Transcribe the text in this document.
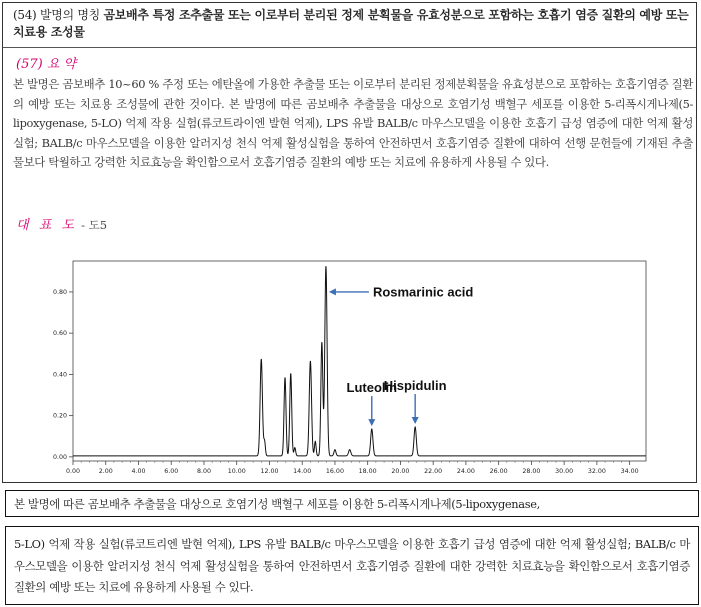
(54) 발명의 명칭 곰보배추 특정 조추출물 또는 이로부터 분리된 정제 분획물을 유효성분으로 포함하는 호흡기 염증 질환의 예방 또는 치료용 조성물
(57) 요 약
본 발명은 곰보배추 10~60 % 주정 또는 에탄올에 가용한 추출물 또는 이로부터 분리된 정제분획물을 유효성분으로 포함하는 호흡기염증 질환의 예방 또는 치료용 조성물에 관한 것이다. 본 발명에 따른 곰보배추 추출물을 대상으로 호염기성 백혈구 세포를 이용한 5-리폭시게나제(5-lipoxygenase, 5-LO) 억제 작용 실험(류코트라이엔 발현 억제), LPS 유발 BALB/c 마우스모델을 이용한 호흡기 급성 염증에 대한 억제 활성실험; BALB/c 마우스모델을 이용한 알러지성 천식 억제 활성실험을 통하여 안전하면서 호흡기염증 질환에 대하여 선행 문헌들에 기재된 추출물보다 탁월하고 강력한 치료효능을 확인함으로서 호흡기염증 질환의 예방 또는 치료에 유용하게 사용될 수 있다.
대 표 도 - 도5
0.00
0.20
0.40
0.60
0.80
0.00	2.00	4.00	6.00	8.00	10.00 12.00 14.00 16.00 18.00 20.00 22.00 24.00 26.00 28.00 30.00 32.00 34.00
Rosmarinic acid
Luteolin
Hispidulin
본 발명에 따른 곰보배추 추출물을 대상으로 호염기성 백혈구 세포를 이용한 5-리폭시게나제(5-lipoxygenase,
5-LO) 억제 작용 실험(류코트리엔 발현 억제), LPS 유발 BALB/c 마우스모델을 이용한 호흡기 급성 염증에 대한 억제 활성실험; BALB/c 마우스모델을 이용한 알러지성 천식 억제 활성실험을 통하여 안전하면서 호흡기염증 질환에 대한 강력한 치료효능을 확인함으로서 호흡기염증 질환의 예방 또는 치료에 유용하게 사용될 수 있다.
